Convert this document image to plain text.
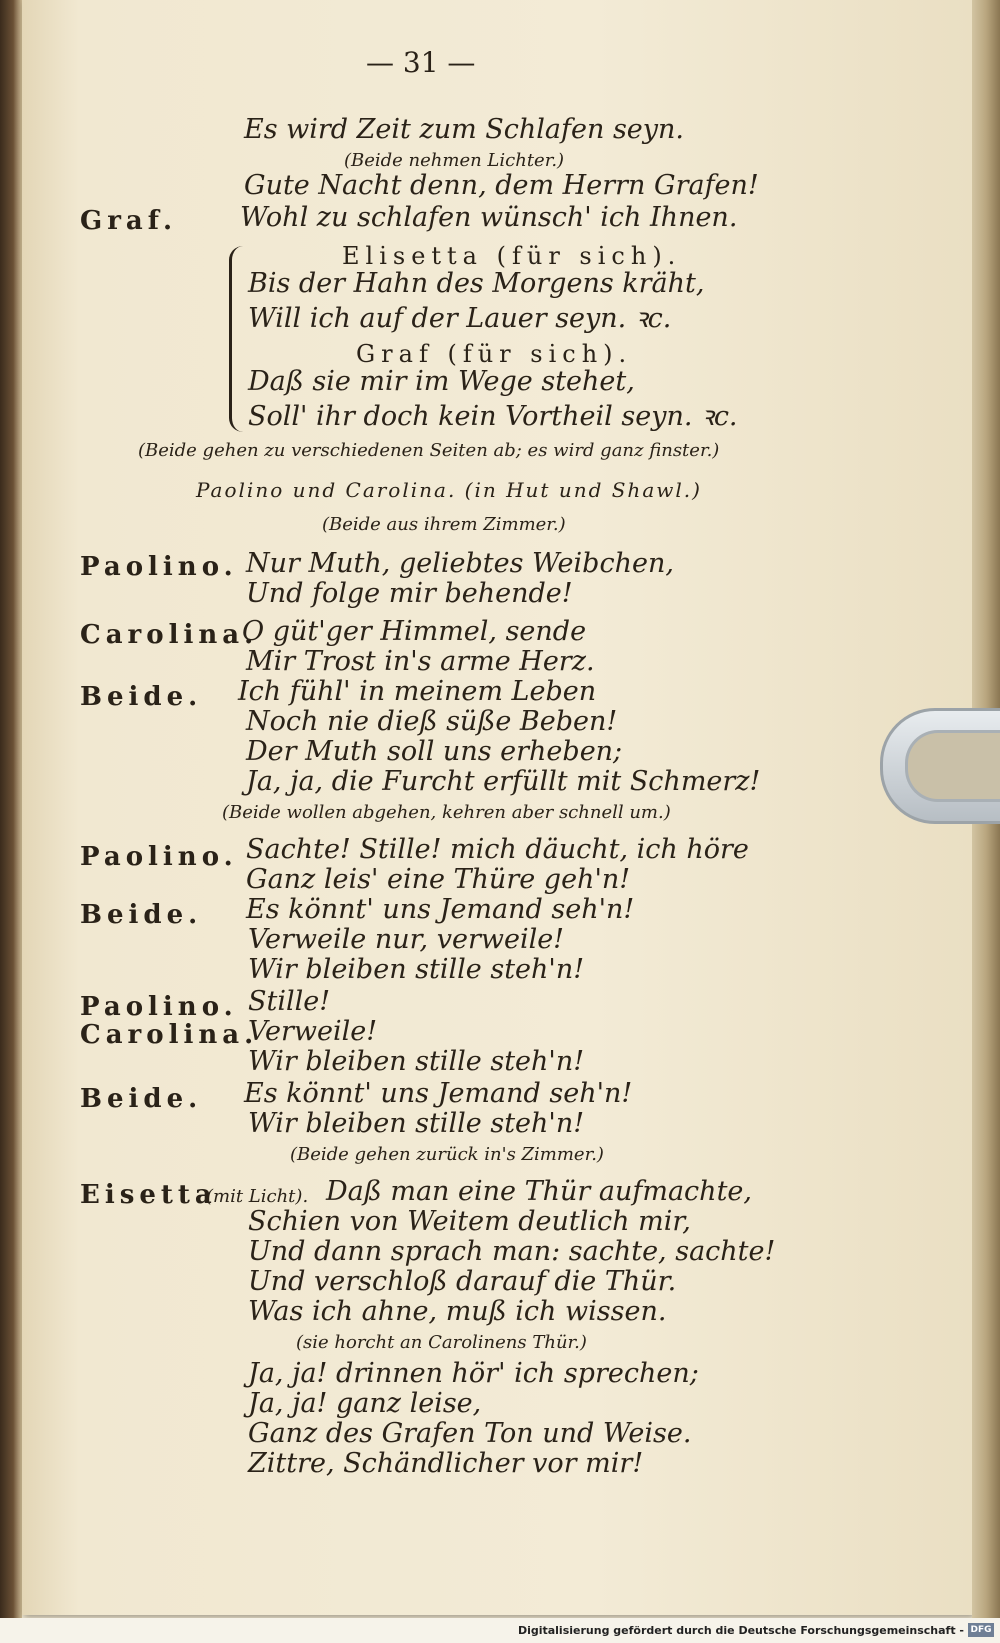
— 31 —
Es wird Zeit zum Schlafen seyn.
(Beide nehmen Lichter.)
Gute Nacht denn, dem Herrn Grafen!
Graf. Wohl zu schlafen wünsch' ich Ihnen.
Elisetta (für sich).
Bis der Hahn des Morgens kräht,
Will ich auf der Lauer seyn. ꝛc.
Graf (für sich).
Daß sie mir im Wege stehet,
Soll' ihr doch kein Vortheil seyn. ꝛc.
(Beide gehen zu verschiedenen Seiten ab; es wird ganz finster.)
Paolino und Carolina. (in Hut und Shawl.)
(Beide aus ihrem Zimmer.)
Paolino. Nur Muth, geliebtes Weibchen,
Und folge mir behende!
Carolina.
O güt'ger Himmel, sende
Mir Trost in's arme Herz.
Beide. Ich fühl' in meinem Leben
Noch nie dieß süße Beben!
Der Muth soll uns erheben;
Ja, ja, die Furcht erfüllt mit Schmerz!
(Beide wollen abgehen, kehren aber schnell um.)
Paolino. Sachte! Stille! mich däucht, ich höre
Ganz leis' eine Thüre geh'n!
Beide. Es könnt' uns Jemand seh'n!
Verweile nur, verweile!
Wir bleiben stille steh'n!
Paolino. Stille!
Carolina.
Verweile!
Wir bleiben stille steh'n!
Beide. Es könnt' uns Jemand seh'n!
Wir bleiben stille steh'n!
(Beide gehen zurück in's Zimmer.)
Eisetta
(mit Licht). Daß man eine Thür aufmachte,
Schien von Weitem deutlich mir,
Und dann sprach man: sachte, sachte!
Und verschloß darauf die Thür.
Was ich ahne, muß ich wissen.
(sie horcht an Carolinens Thür.)
Ja, ja! drinnen hör' ich sprechen;
Ja, ja! ganz leise,
Ganz des Grafen Ton und Weise.
Zittre, Schändlicher vor mir!
Digitalisierung gefördert durch die Deutsche Forschungsgemeinschaft - DFG
